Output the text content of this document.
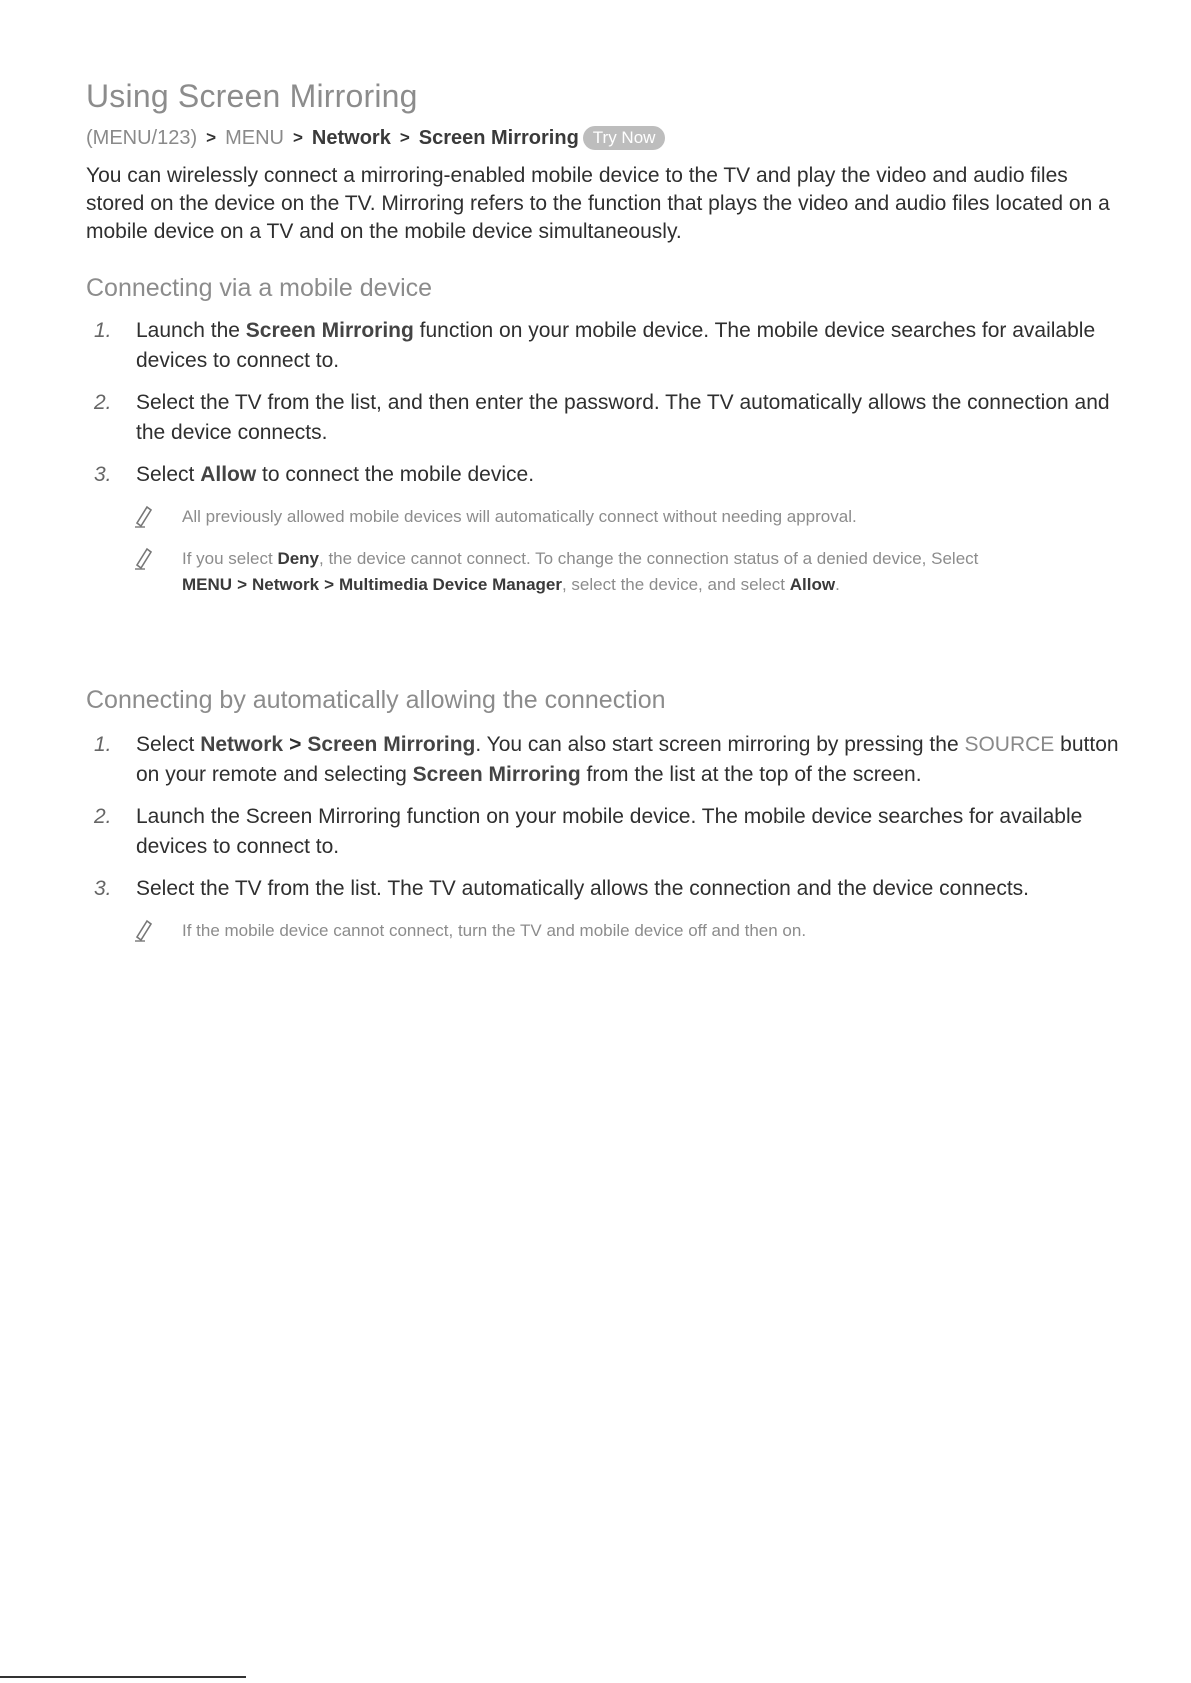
Using Screen Mirroring
(MENU/123) > MENU > Network > Screen Mirroring Try Now

You can wirelessly connect a mirroring-enabled mobile device to the TV and play the video and audio files stored on the device on the TV. Mirroring refers to the function that plays the video and audio files located on a mobile device on a TV and on the mobile device simultaneously.

Connecting via a mobile device
1.	Launch the Screen Mirroring function on your mobile device. The mobile device searches for available devices to connect to.
2.	Select the TV from the list, and then enter the password. The TV automatically allows the connection and the device connects.
3.	Select Allow to connect the mobile device.
All previously allowed mobile devices will automatically connect without needing approval.
If you select Deny, the device cannot connect. To change the connection status of a denied device, Select MENU > Network > Multimedia Device Manager, select the device, and select Allow.
Connecting by automatically allowing the connection
1.	Select Network > Screen Mirroring. You can also start screen mirroring by pressing the SOURCE button on your remote and selecting Screen Mirroring from the list at the top of the screen.
2.	Launch the Screen Mirroring function on your mobile device. The mobile device searches for available devices to connect to.
3.	Select the TV from the list. The TV automatically allows the connection and the device connects.
If the mobile device cannot connect, turn the TV and mobile device off and then on.
